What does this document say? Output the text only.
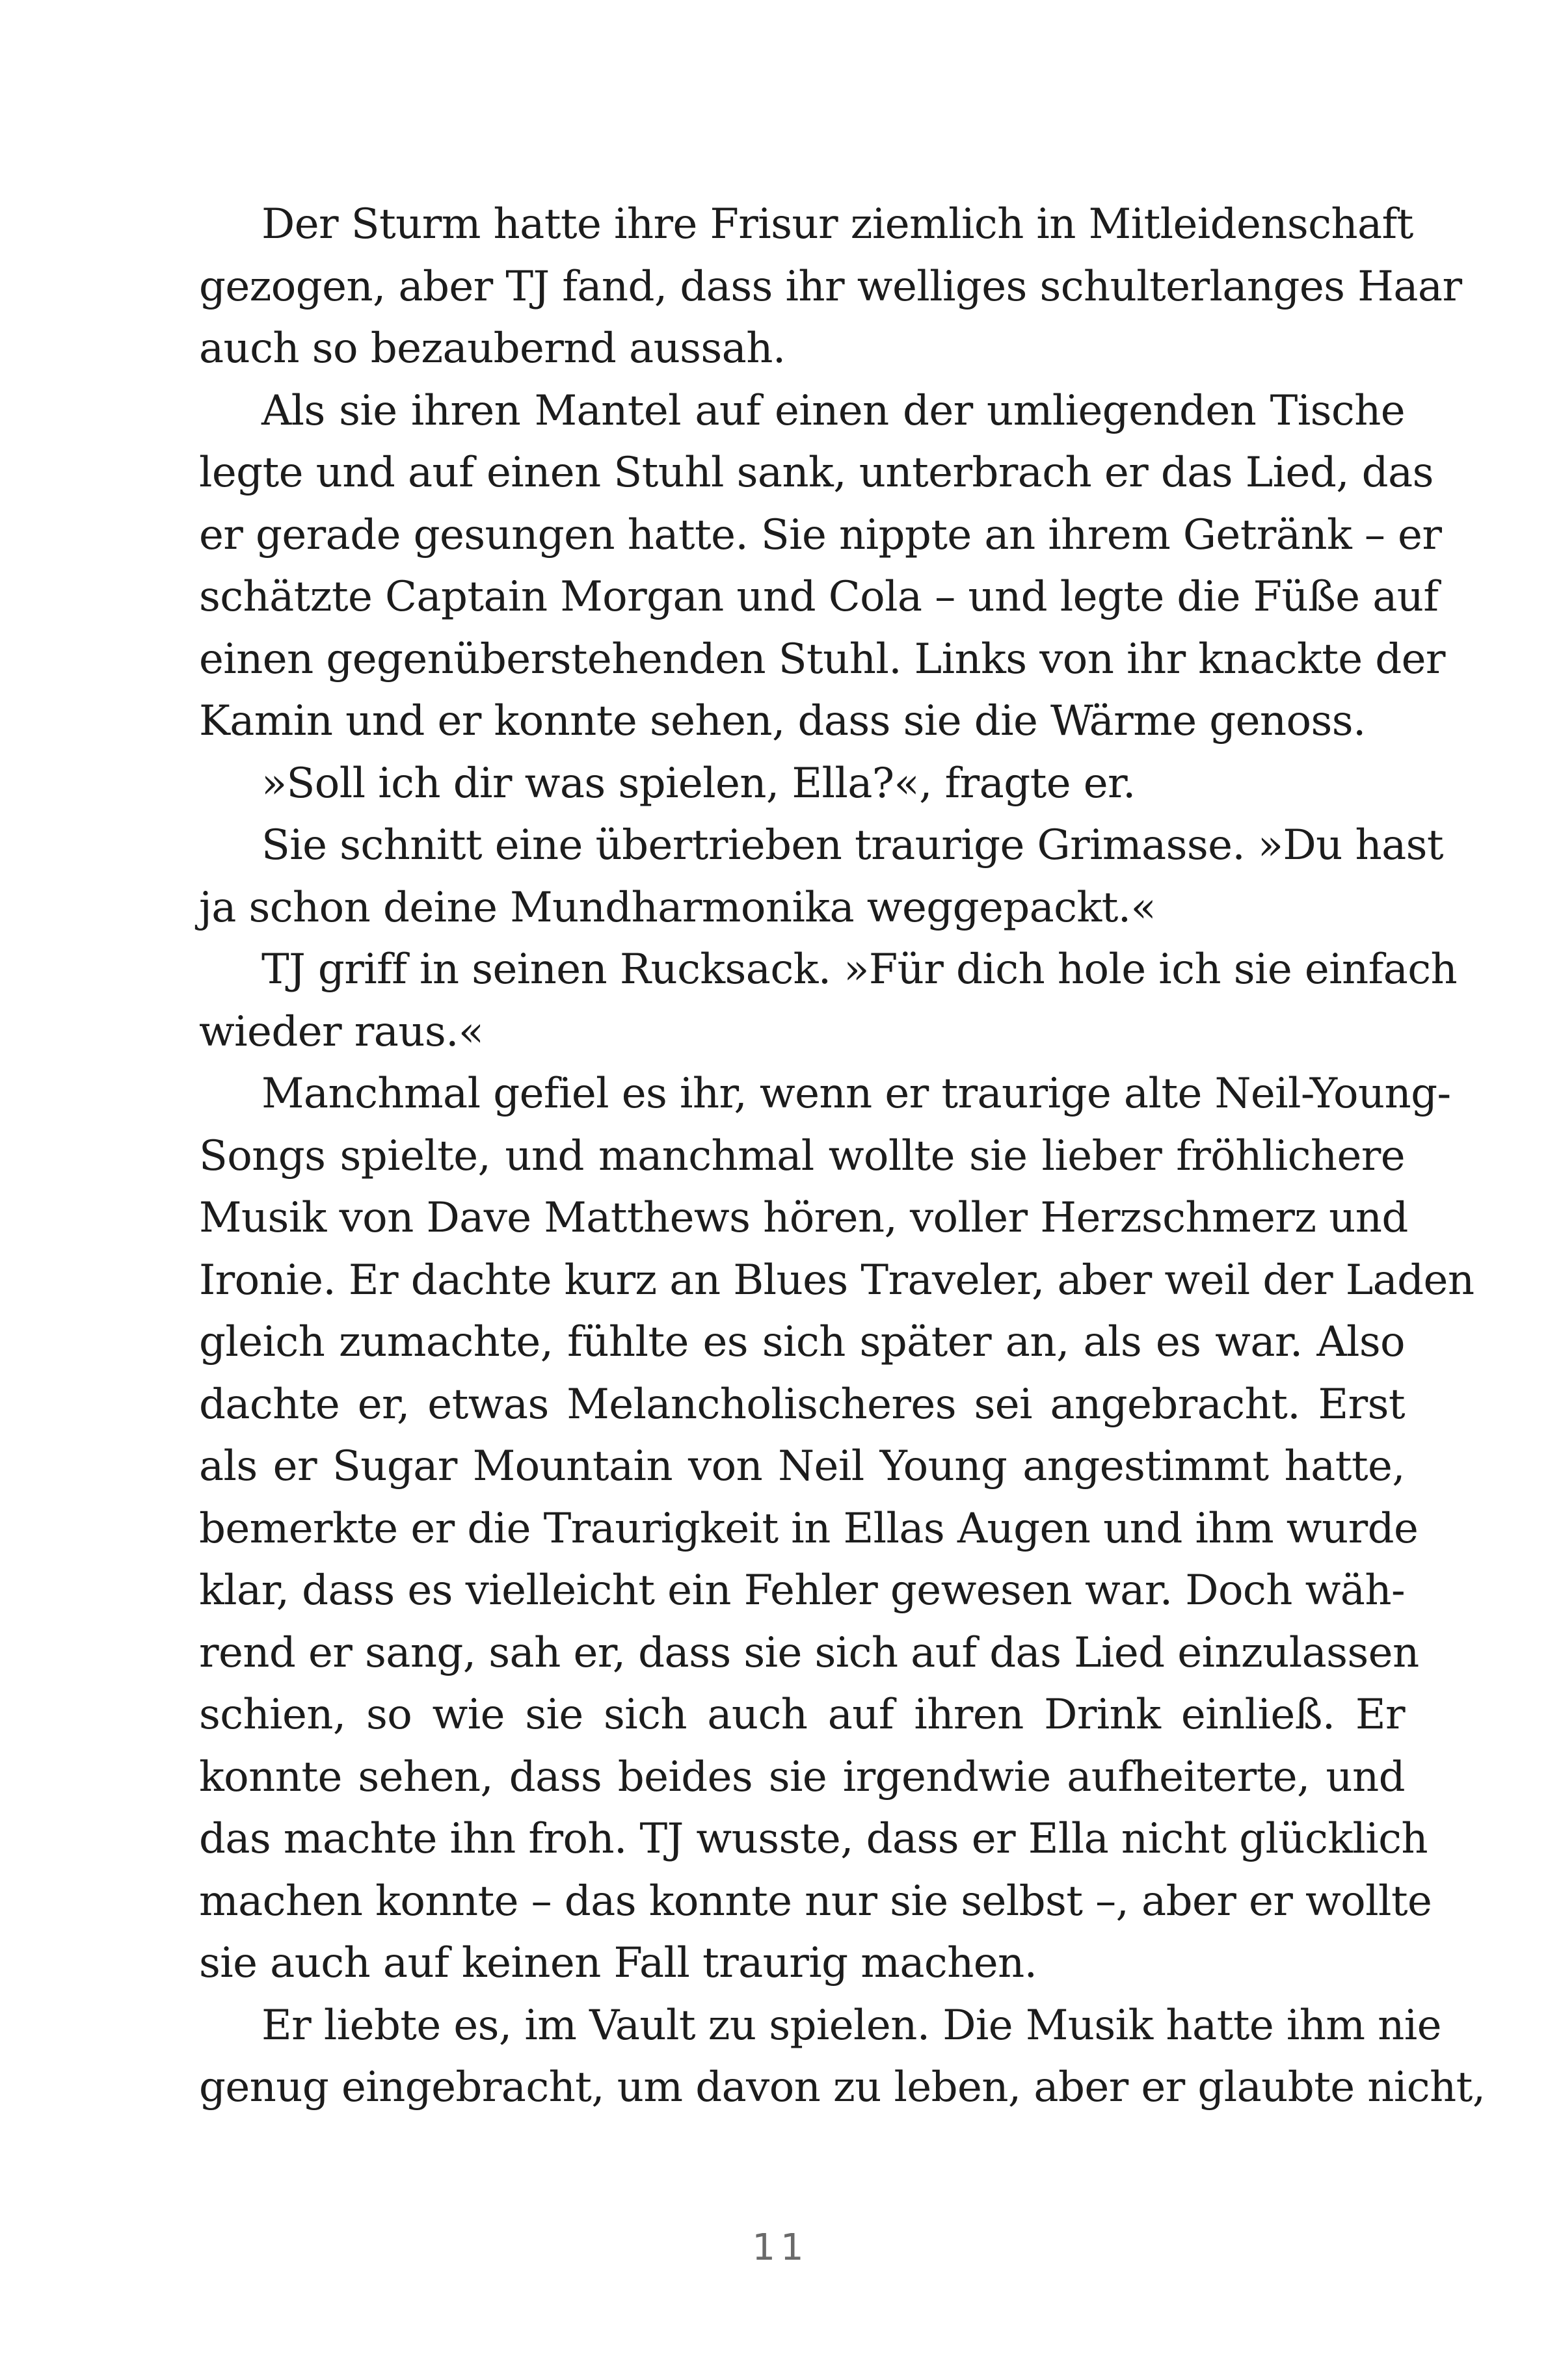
Der Sturm hatte ihre Frisur ziemlich in Mitleidenschaft
gezogen, aber TJ fand, dass ihr welliges schulterlanges Haar
auch so bezaubernd aussah.
Als sie ihren Mantel auf einen der umliegenden Tische
legte und auf einen Stuhl sank, unterbrach er das Lied, das
er gerade gesungen hatte. Sie nippte an ihrem Getränk – er
schätzte Captain Morgan und Cola – und legte die Füße auf
einen gegenüberstehenden Stuhl. Links von ihr knackte der
Kamin und er konnte sehen, dass sie die Wärme genoss.
»Soll ich dir was spielen, Ella?«, fragte er.
Sie schnitt eine übertrieben traurige Grimasse. »Du hast
ja schon deine Mundharmonika weggepackt.«
TJ griff in seinen Rucksack. »Für dich hole ich sie einfach
wieder raus.«
Manchmal gefiel es ihr, wenn er traurige alte Neil-Young-
Songs spielte, und manchmal wollte sie lieber fröhlichere
Musik von Dave Matthews hören, voller Herzschmerz und
Ironie. Er dachte kurz an Blues Traveler, aber weil der Laden
gleich zumachte, fühlte es sich später an, als es war. Also
dachte er, etwas Melancholischeres sei angebracht. Erst
als er Sugar Mountain von Neil Young angestimmt hatte,
bemerkte er die Traurigkeit in Ellas Augen und ihm wurde
klar, dass es vielleicht ein Fehler gewesen war. Doch wäh-
rend er sang, sah er, dass sie sich auf das Lied einzulassen
schien, so wie sie sich auch auf ihren Drink einließ. Er
konnte sehen, dass beides sie irgendwie aufheiterte, und
das machte ihn froh. TJ wusste, dass er Ella nicht glücklich
machen konnte – das konnte nur sie selbst –, aber er wollte
sie auch auf keinen Fall traurig machen.
Er liebte es, im Vault zu spielen. Die Musik hatte ihm nie
genug eingebracht, um davon zu leben, aber er glaubte nicht,
11
